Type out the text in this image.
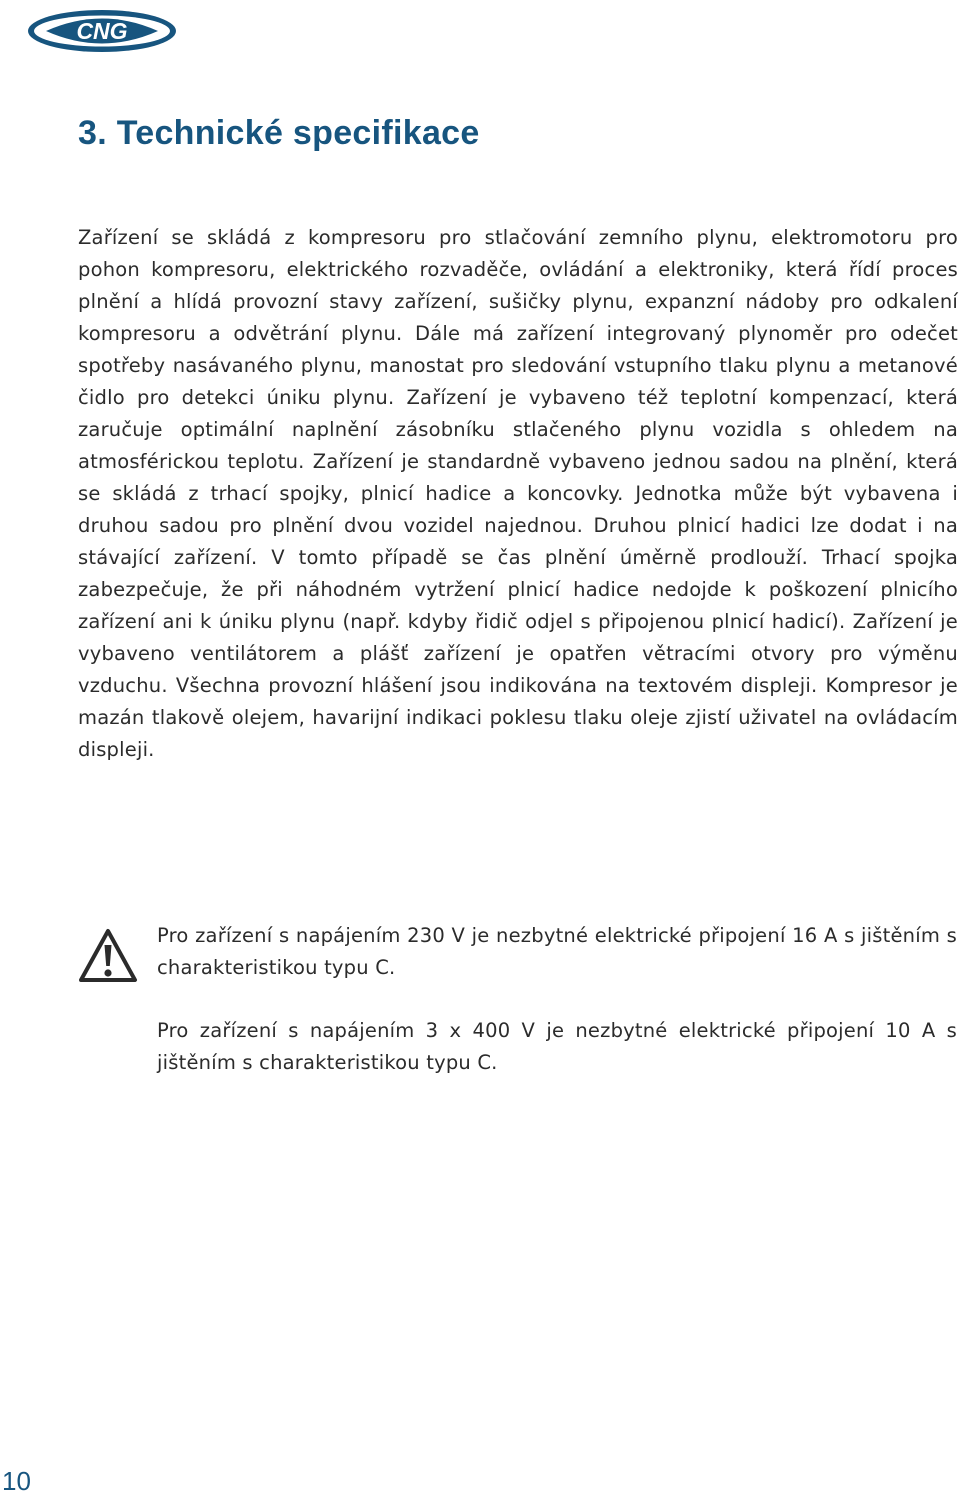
CNG
3. Technické specifikace

Zařízení se skládá z kompresoru pro stlačování zemního plynu, elektromotoru pro pohon kompresoru, elektrického rozvaděče, ovládání a elektroniky, která řídí proces plnění a hlídá provozní stavy zařízení, sušičky plynu, expanzní nádoby pro odkalení kompresoru a odvětrání plynu. Dále má zařízení integrovaný plynoměr pro odečet spotřeby nasávaného plynu, manostat pro sledování vstupního tlaku plynu a metanové čidlo pro detekci úniku plynu. Zařízení je vybaveno též teplotní kompenzací, která zaručuje optimální naplnění zásobníku stlačeného plynu vozidla s ohledem na atmosférickou teplotu. Zařízení je standardně vybaveno jednou sadou na plnění, která se skládá z trhací spojky, plnicí hadice a koncovky. Jednotka může být vybavena i druhou sadou pro plnění dvou vozidel najednou. Druhou plnicí hadici lze dodat i na stávající zařízení. V tomto případě se čas plnění úměrně prodlouží. Trhací spojka zabezpečuje, že při náhodném vytržení plnicí hadice nedojde k poškození plnicího zařízení ani k úniku plynu (např. kdyby řidič odjel s připojenou plnicí hadicí). Zařízení je vybaveno ventilátorem a plášť zařízení je opatřen větracími otvory pro výměnu vzduchu. Všechna provozní hlášení jsou indikována na textovém displeji. Kompresor je mazán tlakově olejem, havarijní indikaci poklesu tlaku oleje zjistí uživatel na ovládacím displeji.

Pro zařízení s napájením 230 V je nezbytné elektrické připojení 16 A s jištěním s charakteristikou typu C.

Pro zařízení s napájením 3 x 400 V je nezbytné elektrické připojení 10 A s jištěním s charakteristikou typu C.

10
